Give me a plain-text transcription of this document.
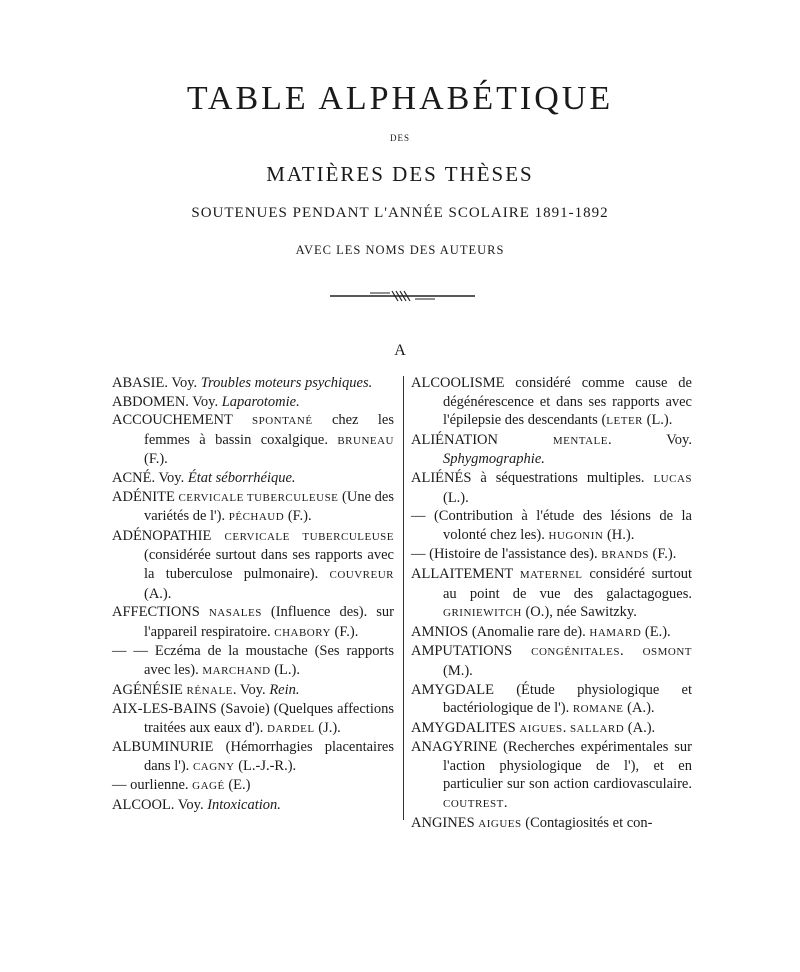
TABLE ALPHABÉTIQUE
DES
MATIÈRES DES THÈSES
SOUTENUES PENDANT L'ANNÉE SCOLAIRE 1891-1892
AVEC LES NOMS DES AUTEURS
A

ABASIE. Voy. Troubles moteurs psychiques.

ABDOMEN. Voy. Laparotomie.

ACCOUCHEMENT SPONTANÉ chez les femmes à bassin coxalgique. BRUNEAU (F.).

ACNÉ. Voy. État séborrhéique.

ADÉNITE CERVICALE TUBERCULEUSE (Une des variétés de l'). PÉCHAUD (F.).

ADÉNOPATHIE CERVICALE TUBERCULEUSE (considérée surtout dans ses rapports avec la tuberculose pulmonaire). COUVREUR (A.).

AFFECTIONS NASALES (Influence des). sur l'appareil respiratoire. CHABORY (F.).

— — Eczéma de la moustache (Ses rapports avec les). MARCHAND (L.).

AGÉNÉSIE RÉNALE. Voy. Rein.

AIX-LES-BAINS (Savoie) (Quelques affections traitées aux eaux d'). DARDEL (J.).

ALBUMINURIE (Hémorrhagies placentaires dans l'). CAGNY (L.-J.-R.).

— ourlienne. GAGÉ (E.)

ALCOOL. Voy. Intoxication.

ALCOOLISME considéré comme cause de dégénérescence et dans ses rapports avec l'épilepsie des descendants (LETER (L.).

ALIÉNATION MENTALE. Voy. Sphygmographie.

ALIÉNÉS à séquestrations multiples. LUCAS (L.).

— (Contribution à l'étude des lésions de la volonté chez les). HUGONIN (H.).

— (Histoire de l'assistance des). BRANDS (F.).

ALLAITEMENT MATERNEL considéré surtout au point de vue des galactagogues. GRINIEWITCH (O.), née Sawitzky.

AMNIOS (Anomalie rare de). HAMARD (E.).

AMPUTATIONS CONGÉNITALES. OSMONT (M.).

AMYGDALE (Étude physiologique et bactériologique de l'). ROMANE (A.).

AMYGDALITES AIGUES. SALLARD (A.).

ANAGYRINE (Recherches expérimentales sur l'action physiologique de l'), et en particulier sur son action cardiovasculaire. COUTREST.

ANGINES AIGUES (Contagiosités et con-
